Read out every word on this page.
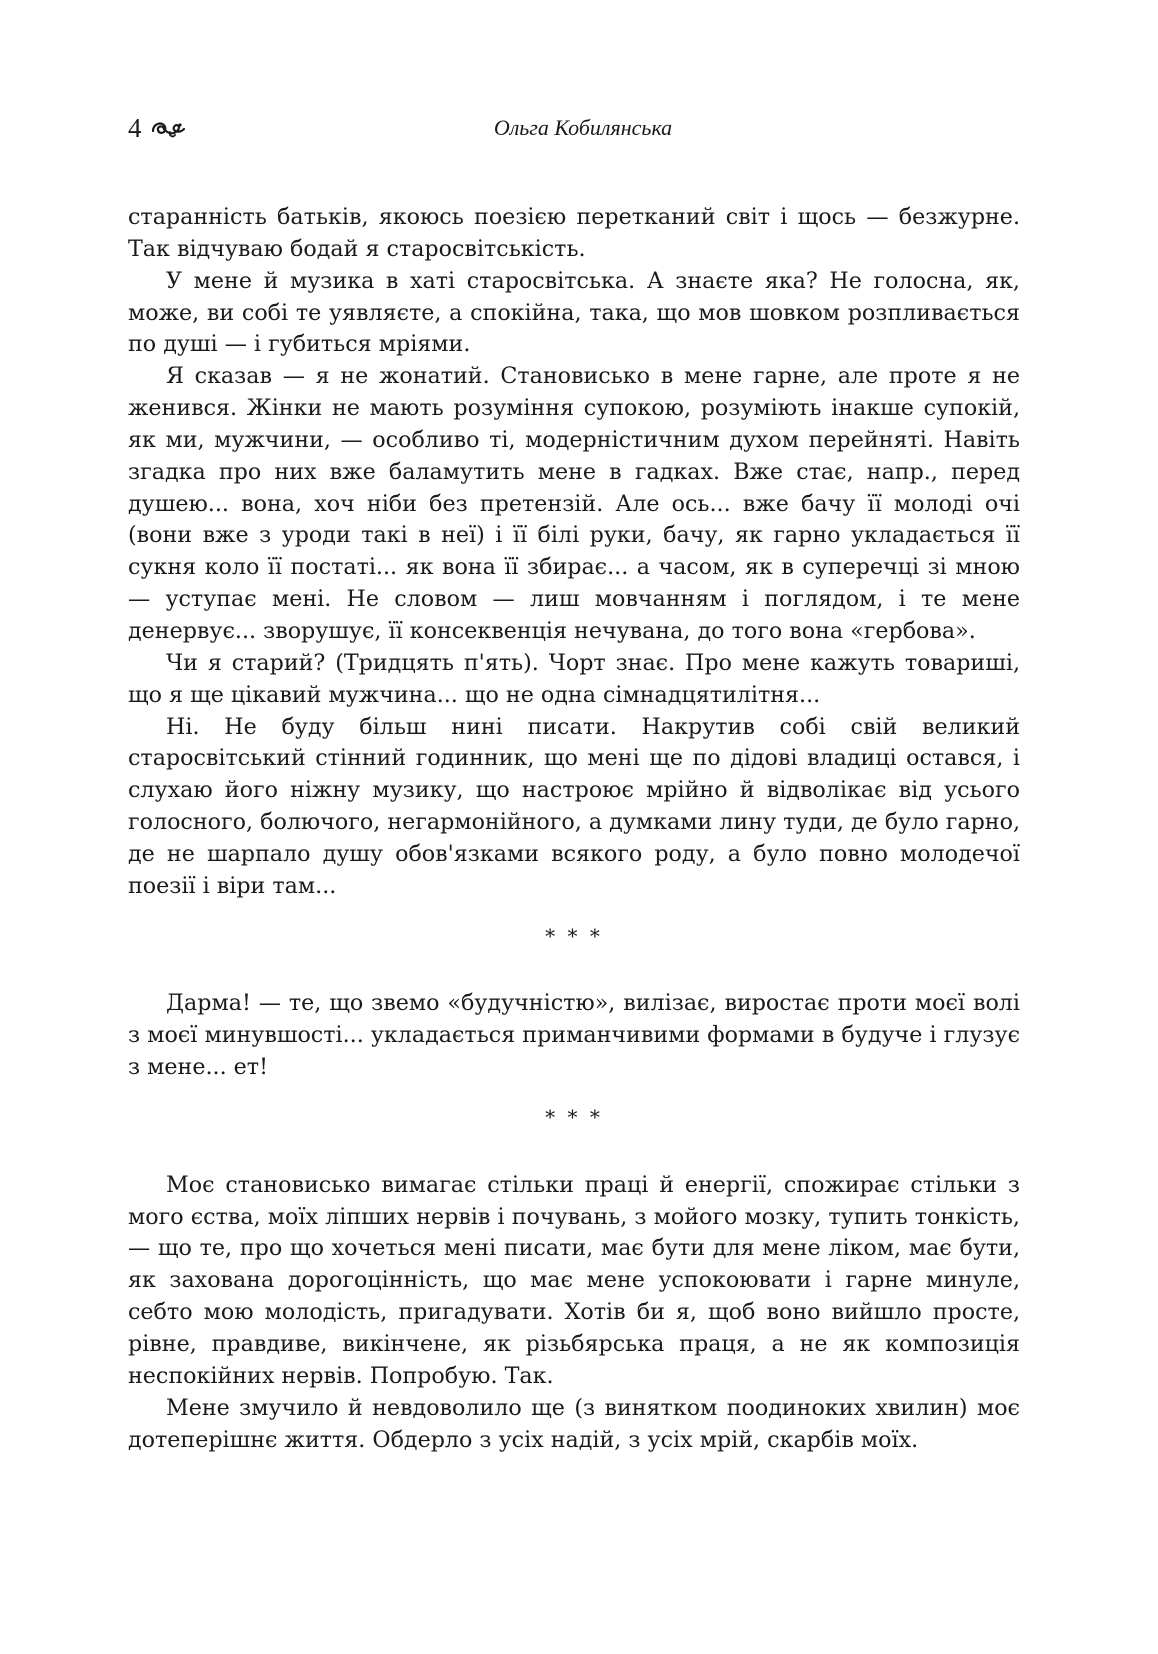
4	Ольга Кобилянська

старанність батьків, якоюсь поезією перетканий світ і щось — безжурне. Так відчуваю бодай я старосвітськість.

У мене й музика в хаті старосвітська. А знаєте яка? Не голосна, як, може, ви собі те уявляєте, а спокійна, така, що мов шовком розпливається по душі — і губиться мріями.

Я сказав — я не жонатий. Становисько в мене гарне, але проте я не женився. Жінки не мають розуміння супокою, розуміють інакше супокій, як ми, мужчини, — особливо ті, модерністичним духом перейняті. Навіть згадка про них вже баламутить мене в гадках. Вже стає, напр., перед душею... вона, хоч ніби без претензій. Але ось... вже бачу її молоді очі (вони вже з уроди такі в неї) і її білі руки, бачу, як гарно укладається її сукня коло її постаті... як вона її збирає... а часом, як в суперечці зі мною — уступає мені. Не словом — лиш мовчанням і поглядом, і те мене денервує... зворушує, її консеквенція нечувана, до того вона «гербова».

Чи я старий? (Тридцять п'ять). Чорт знає. Про мене кажуть товариші, що я ще цікавий мужчина... що не одна сімнадцятилітня...

Ні. Не буду більш нині писати. Накрутив собі свій великий старосвітський стінний годинник, що мені ще по дідові владиці остався, і слухаю його ніжну музику, що настроює мрійно й відволікає від усього голосного, болючого, негармонійного, а думками лину туди, де було гарно, де не шарпало душу обов'язками всякого роду, а було повно молодечої поезії і віри там...

* * *

Дарма! — те, що звемо «будучністю», вилізає, виростає проти моєї волі з моєї минувшості... укладається приманчивими формами в будуче і глузує з мене... ет!

* * *

Моє становисько вимагає стільки праці й енергії, спожирає стільки з мого єства, моїх ліпших нервів і почувань, з мойого мозку, тупить тонкість, — що те, про що хочеться мені писати, має бути для мене ліком, має бути, як захована дорогоцінність, що має мене успокоювати і гарне минуле, себто мою молодість, пригадувати. Хотів би я, щоб воно вийшло просте, рівне, правдиве, викінчене, як різьбярська праця, а не як композиція неспокійних нервів. Попробую. Так.

Мене змучило й невдоволило ще (з винятком поодиноких хвилин) моє дотеперішнє життя. Обдерло з усіх надій, з усіх мрій, скарбів моїх.
